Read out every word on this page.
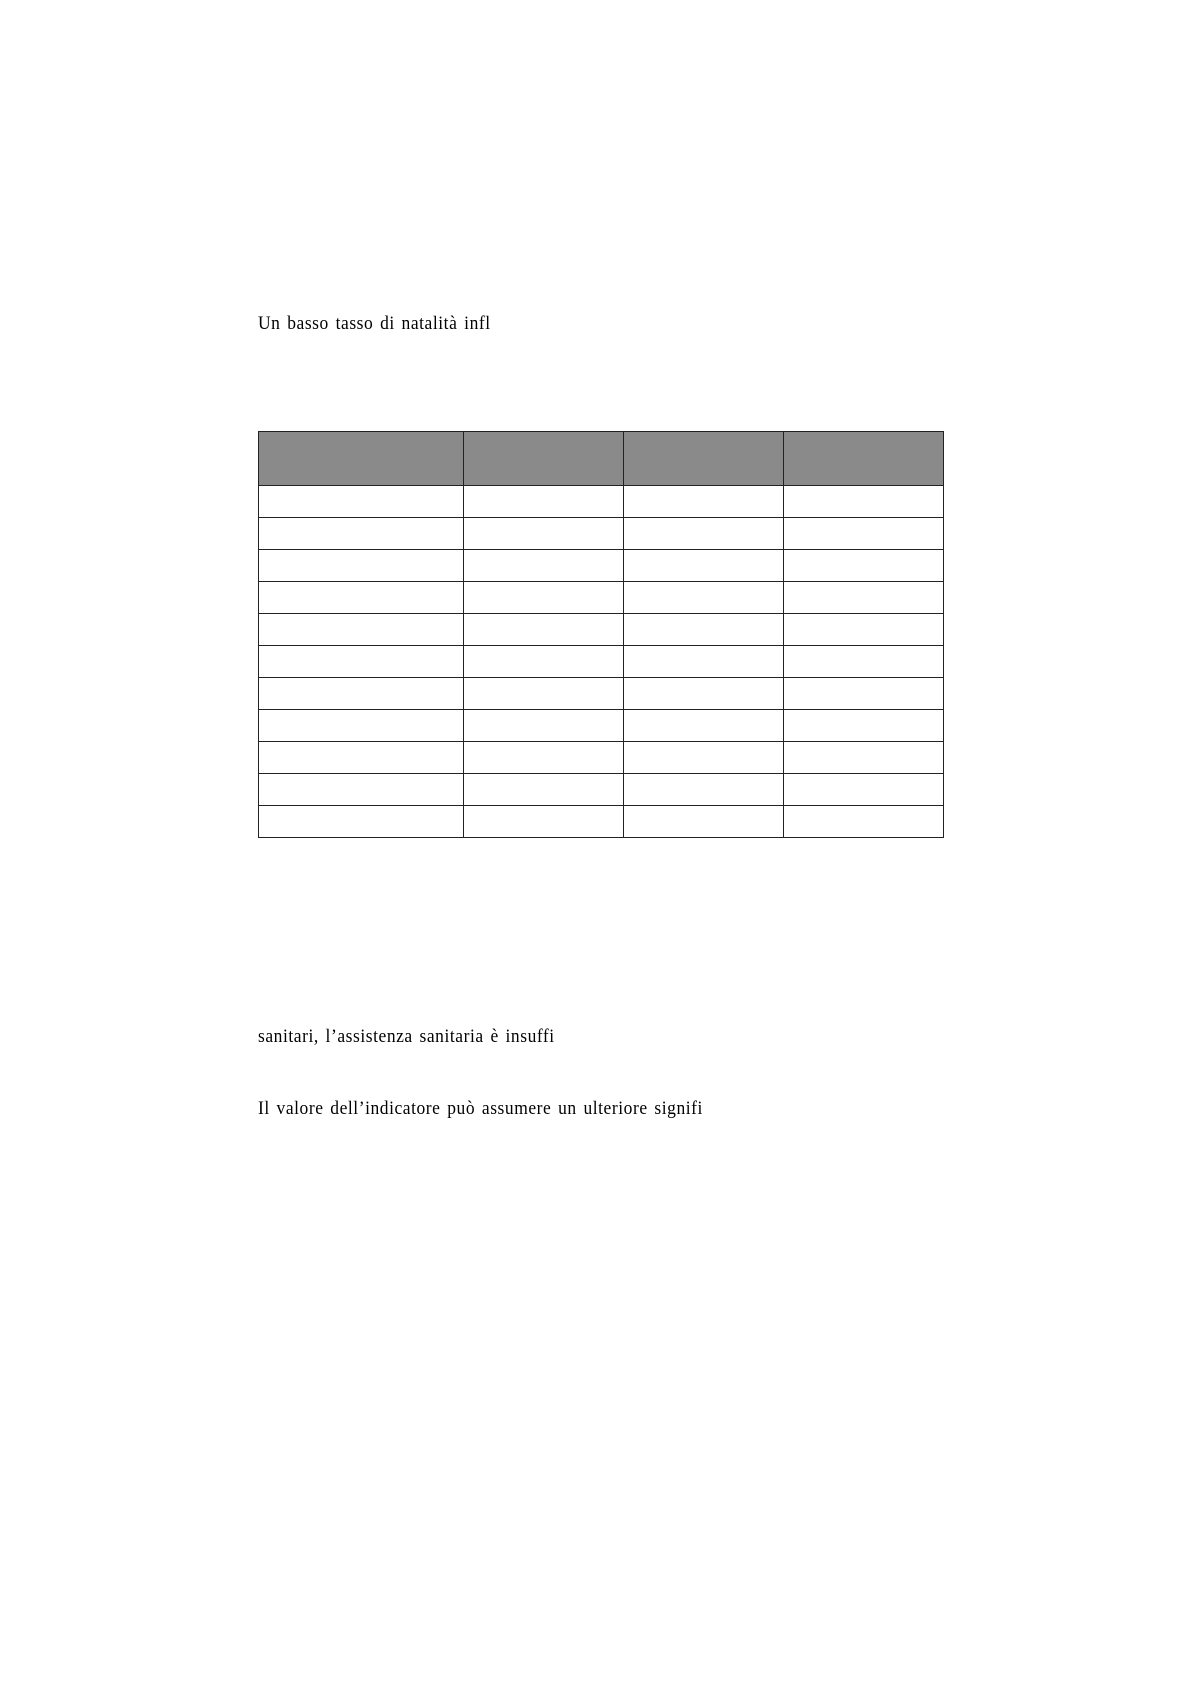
Un basso tasso di natalità infl

sanitari, l’assistenza sanitaria è insuffi
Il valore dell’indicatore può assumere un ulteriore signifi
